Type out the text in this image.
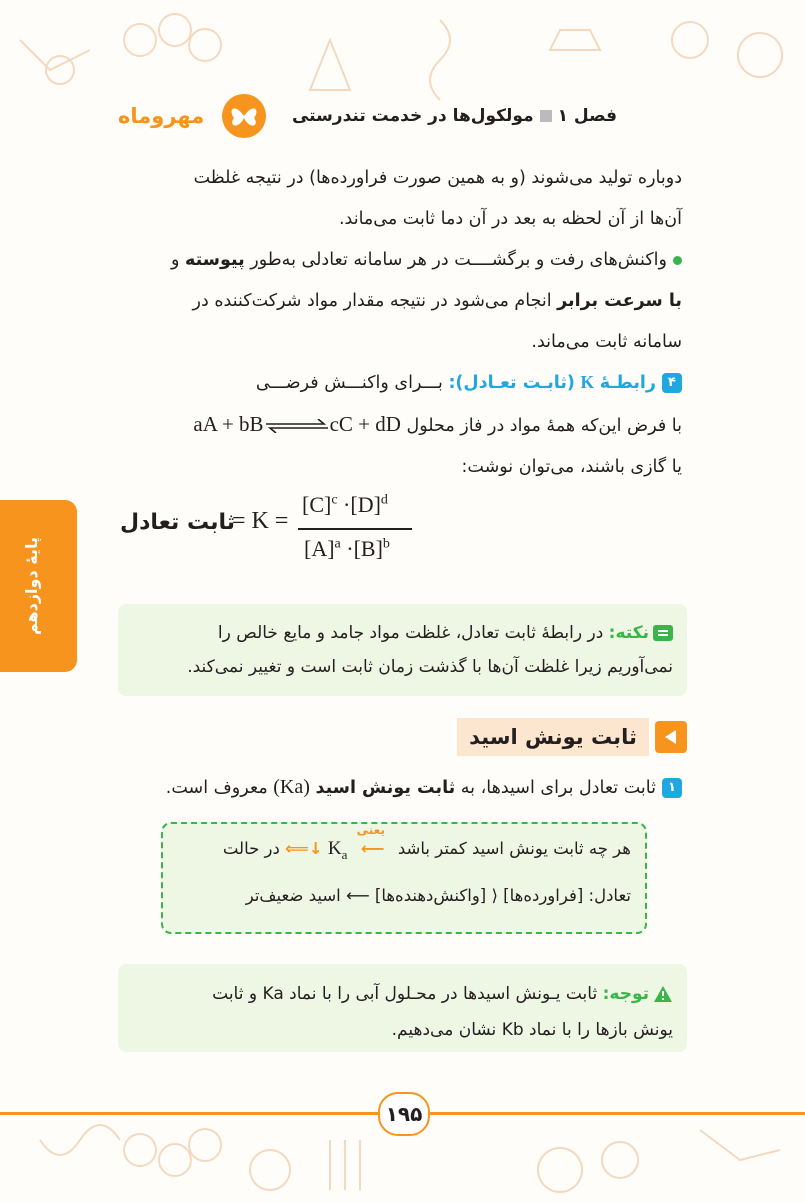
فصل ۱مولکول‌ها در خدمت تندرستی
مهروماه
پایهٔ دوازدهم

دوباره تولید می‌شوند (و به همین صورت فراورده‌ها) در نتیجه غلظت

آن‌ها از آن لحظه به بعد در آن دما ثابت می‌ماند.

واکنش‌های رفت و برگشــــت در هر سامانه تعادلی به‌طور پیوسته و

با سرعت برابر انجام می‌شود در نتیجه مقدار مواد شرکت‌کننده در

سامانه ثابت می‌ماند.

۴رابطـهٔ K (ثابـت تعـادل): بـــرای واکنـــش فرضـــی

با فرض این‌که همهٔ مواد در فاز محلول aA + bB⇌cC + dD

یا گازی باشند، می‌توان نوشت:

ثابت تعادل
= K =
$[C]^c \cdot[D]^d$
$[A]^a \cdot[B]^b$
نکته: در رابطهٔ ثابت تعادل، غلظت مواد جامد و مایع خالص را
نمی‌آوریم زیرا غلظت آن‌ها با گذشت زمان ثابت است و تغییر نمی‌کند.
ثابت یونش اسید

۱ثابت تعادل برای اسیدها، به ثابت یونش اسید (Ka) معروف است.

هر چه ثابت یونش اسید کمتر باشد
یعنی
⟵ $K_a$ ↓⟸ در حالت
تعادل: [فراورده‌ها] ⟨ [واکنش‌دهنده‌ها] ⟵ اسید ضعیف‌تر
توجه: ثابت یـونش اسیدها در محـلول آبی را با نماد Ka و ثابت
یونش بازها را با نماد Kb نشان می‌دهیم.
۱۹۵
